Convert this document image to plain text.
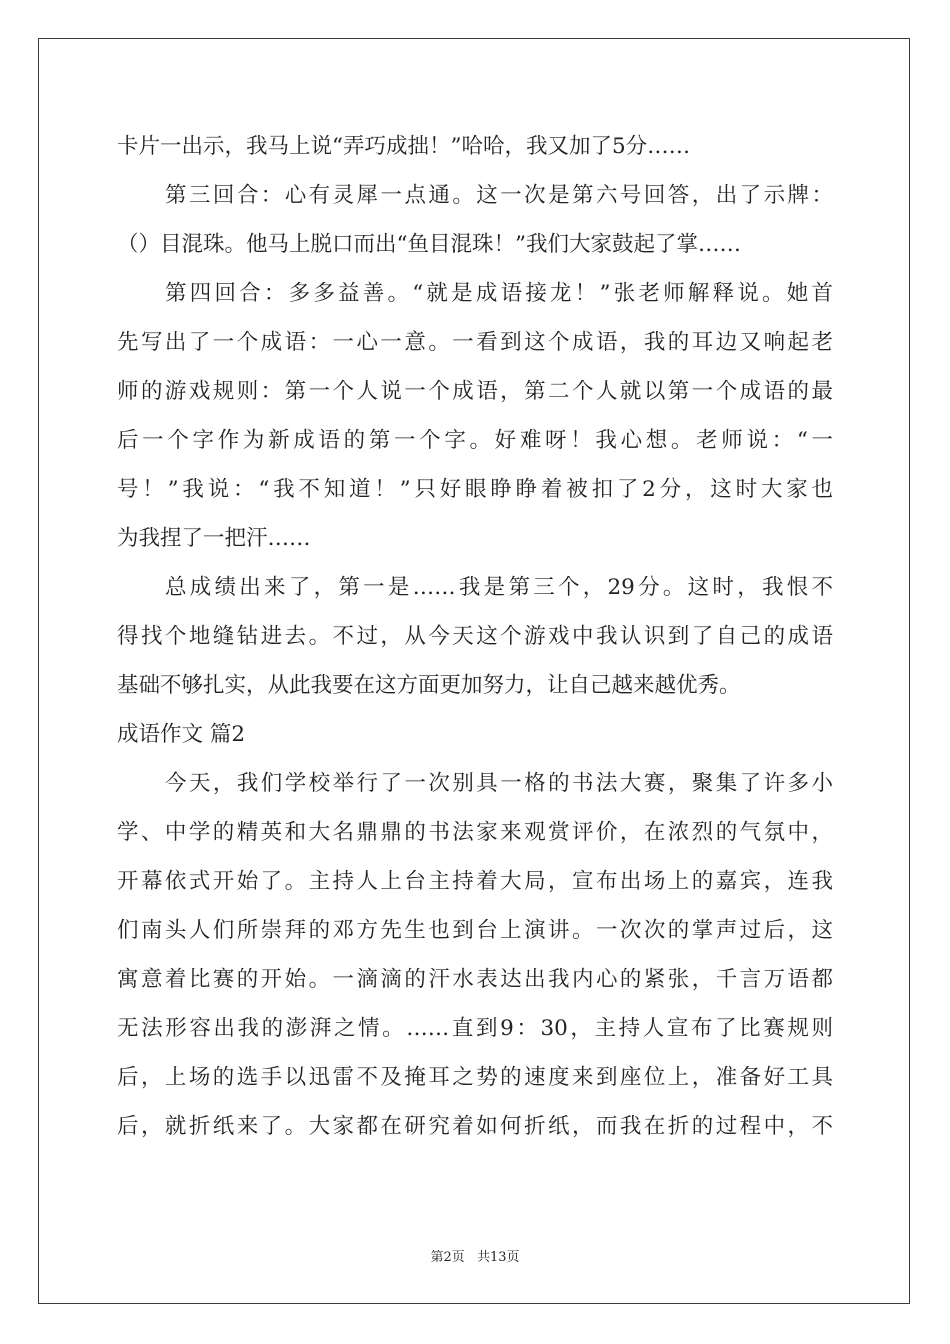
卡片一出示，我马上说“弄巧成拙！”哈哈，我又加了5分……
第三回合：心有灵犀一点通。这一次是第六号回答，出了示牌：
（）目混珠。他马上脱口而出“鱼目混珠！”我们大家鼓起了掌……
第四回合：多多益善。“就是成语接龙！”张老师解释说。她首
先写出了一个成语：一心一意。一看到这个成语，我的耳边又响起老
师的游戏规则：第一个人说一个成语，第二个人就以第一个成语的最
后一个字作为新成语的第一个字。好难呀！我心想。老师说：“一
号！”我说：“我不知道！”只好眼睁睁着被扣了2分，这时大家也
为我捏了一把汗……
总成绩出来了，第一是……我是第三个，29分。这时，我恨不
得找个地缝钻进去。不过，从今天这个游戏中我认识到了自己的成语
基础不够扎实，从此我要在这方面更加努力，让自己越来越优秀。
成语作文 篇2
今天，我们学校举行了一次别具一格的书法大赛，聚集了许多小
学、中学的精英和大名鼎鼎的书法家来观赏评价，在浓烈的气氛中，
开幕依式开始了。主持人上台主持着大局，宣布出场上的嘉宾，连我
们南头人们所崇拜的邓方先生也到台上演讲。一次次的掌声过后，这
寓意着比赛的开始。一滴滴的汗水表达出我内心的紧张，千言万语都
无法形容出我的澎湃之情。……直到9：30，主持人宣布了比赛规则
后，上场的选手以迅雷不及掩耳之势的速度来到座位上，准备好工具
后，就折纸来了。大家都在研究着如何折纸，而我在折的过程中，不
第2页 共13页
